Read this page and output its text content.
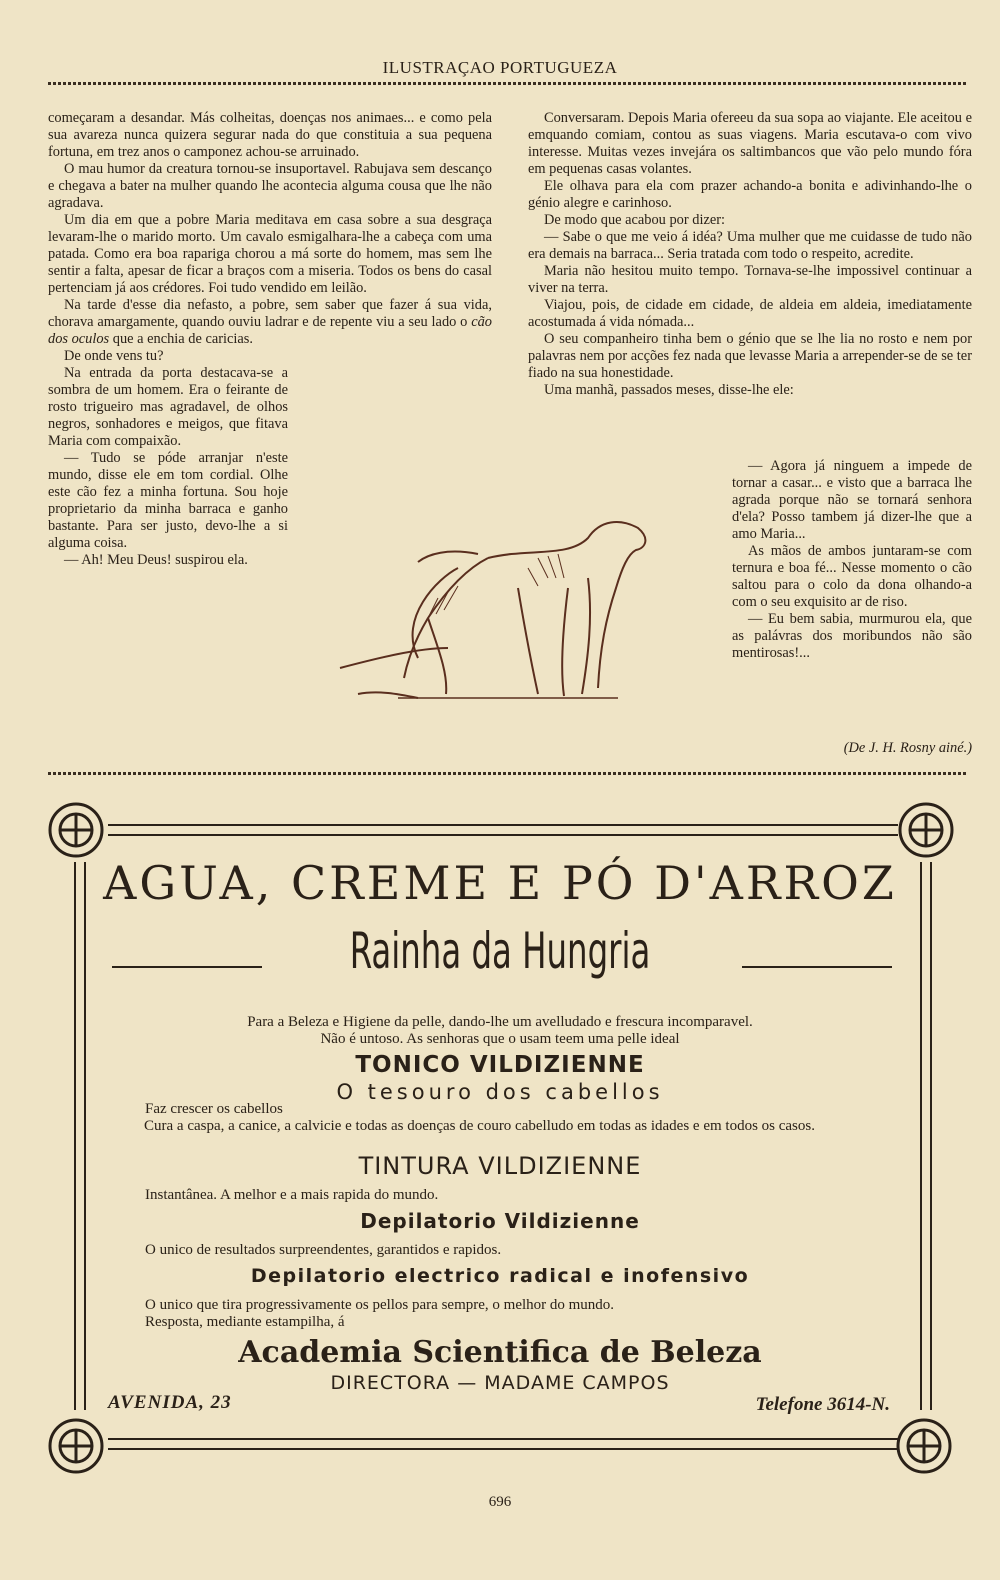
ILUSTRAÇAO PORTUGUEZA

começaram a desandar. Más colheitas, doenças nos animaes... e como pela sua avareza nunca quizera segurar nada do que constituia a sua pequena fortuna, em trez anos o camponez achou-se arruinado.

O mau humor da creatura tornou-se insuportavel. Rabujava sem descanço e chegava a bater na mulher quando lhe acontecia alguma cousa que lhe não agradava.

Um dia em que a pobre Maria meditava em casa sobre a sua desgraça levaram-lhe o marido morto. Um cavalo esmigalhara-lhe a cabeça com uma patada. Como era boa rapariga chorou a má sorte do homem, mas sem lhe sentir a falta, apesar de ficar a braços com a miseria. Todos os bens do casal pertenciam já aos crédores. Foi tudo vendido em leilão.

Na tarde d'esse dia nefasto, a pobre, sem saber que fazer á sua vida, chorava amargamente, quando ouviu ladrar e de repente viu a seu lado o cão dos oculos que a enchia de caricias.

De onde vens tu?

Na entrada da porta destacava-se a sombra de um homem. Era o feirante de rosto trigueiro mas agradavel, de olhos negros, sonhadores e meigos, que fitava Maria com compaixão.

— Tudo se póde arranjar n'este mundo, disse ele em tom cordial. Olhe este cão fez a minha fortuna. Sou hoje proprietario da minha barraca e ganho bastante. Para ser justo, devo-lhe a si alguma coisa.

— Ah! Meu Deus! suspirou ela.

Conversaram. Depois Maria ofereeu da sua sopa ao viajante. Ele aceitou e emquando comiam, contou as suas viagens. Maria escutava-o com vivo interesse. Muitas vezes invejára os saltimbancos que vão pelo mundo fóra em pequenas casas volantes.

Ele olhava para ela com prazer achando-a bonita e adivinhando-lhe o génio alegre e carinhoso.

De modo que acabou por dizer:

— Sabe o que me veio á idéa? Uma mulher que me cuidasse de tudo não era demais na barraca... Seria tratada com todo o respeito, acredite.

Maria não hesitou muito tempo. Tornava-se-lhe impossivel continuar a viver na terra.

Viajou, pois, de cidade em cidade, de aldeia em aldeia, imediatamente acostumada á vida nómada...

O seu companheiro tinha bem o génio que se lhe lia no rosto e nem por palavras nem por acções fez nada que levasse Maria a arrepender-se de se ter fiado na sua honestidade.

Uma manhã, passados meses, disse-lhe ele:

— Agora já ninguem a impede de tornar a casar... e visto que a barraca lhe agrada porque não se tornará senhora d'ela? Posso tambem já dizer-lhe que a amo Maria...

As mãos de ambos juntaram-se com ternura e boa fé... Nesse momento o cão saltou para o colo da dona olhando-a com o seu exquisito ar de riso.

— Eu bem sabia, murmurou ela, que as palávras dos moribundos não são mentirosas!...

(De J. H. Rosny ainé.)
AGUA, CREME E PÓ D'ARROZ
Rainha da Hungria
Para a Beleza e Higiene da pelle, dando-lhe um avelludado e frescura incomparavel.
Não é untoso. As senhoras que o usam teem uma pelle ideal
TONICO VILDIZIENNE
O tesouro dos cabellos
Faz crescer os cabellos
Cura a caspa, a canice, a calvicie e todas as doenças de couro cabelludo em todas as idades e em todos os casos.
TINTURA VILDIZIENNE
Instantânea. A melhor e a mais rapida do mundo.
Depilatorio Vildizienne
O unico de resultados surpreendentes, garantidos e rapidos.
Depilatorio electrico radical e inofensivo
O unico que tira progressivamente os pellos para sempre, o melhor do mundo.
Resposta, mediante estampilha, á
Academia Scientifica de Beleza
DIRECTORA — MADAME CAMPOS
AVENIDA, 23	Telefone 3614-N.
696
